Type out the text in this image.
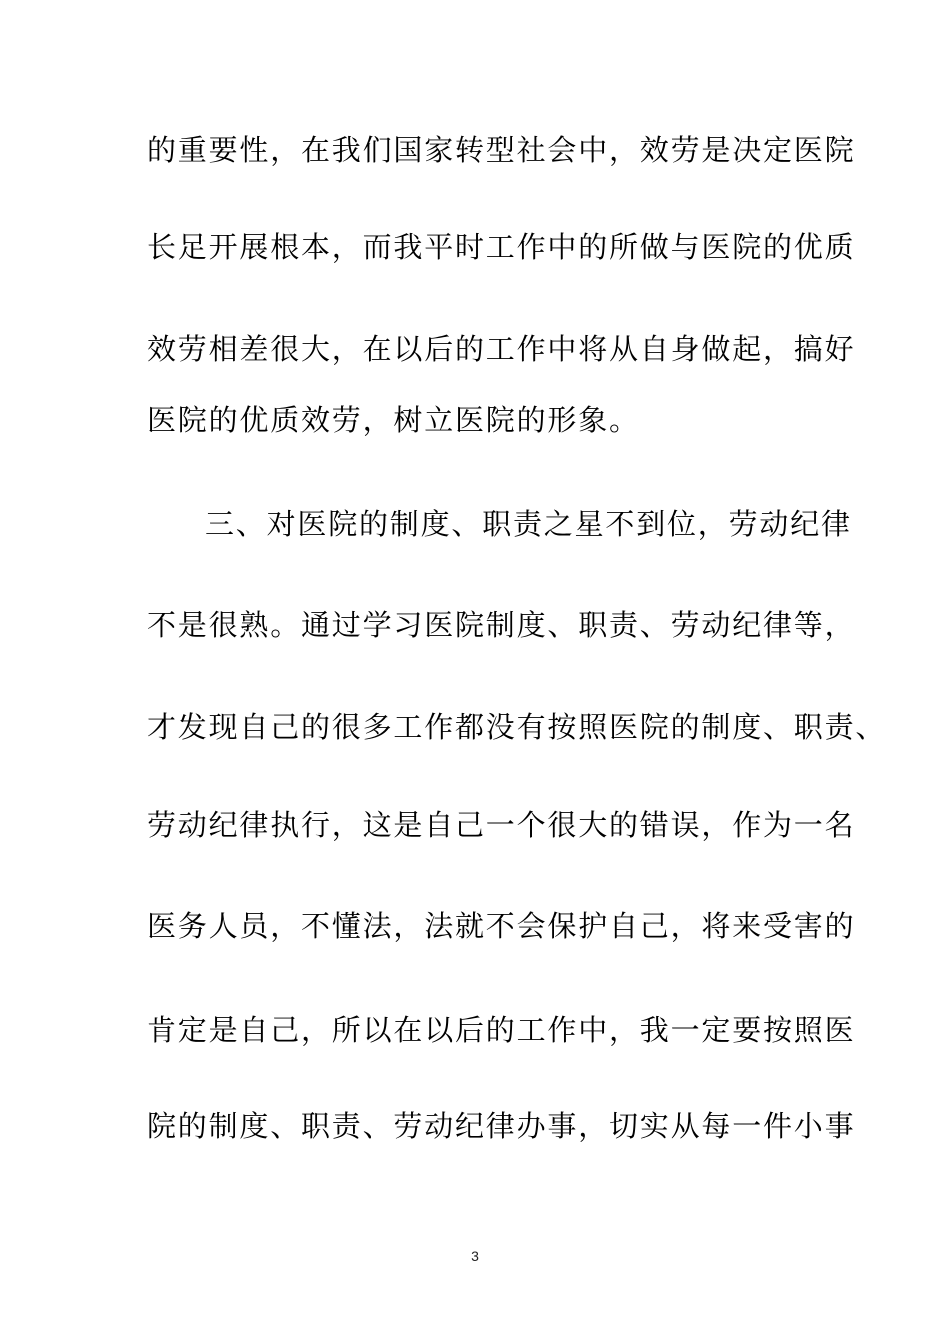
的重要性，在我们国家转型社会中，效劳是决定医院
长足开展根本，而我平时工作中的所做与医院的优质
效劳相差很大，在以后的工作中将从自身做起，搞好
医院的优质效劳，树立医院的形象。
三、对医院的制度、职责之星不到位，劳动纪律
不是很熟。通过学习医院制度、职责、劳动纪律等，
才发现自己的很多工作都没有按照医院的制度、职责、
劳动纪律执行，这是自己一个很大的错误，作为一名
医务人员，不懂法，法就不会保护自己，将来受害的
肯定是自己，所以在以后的工作中，我一定要按照医
院的制度、职责、劳动纪律办事，切实从每一件小事
3
